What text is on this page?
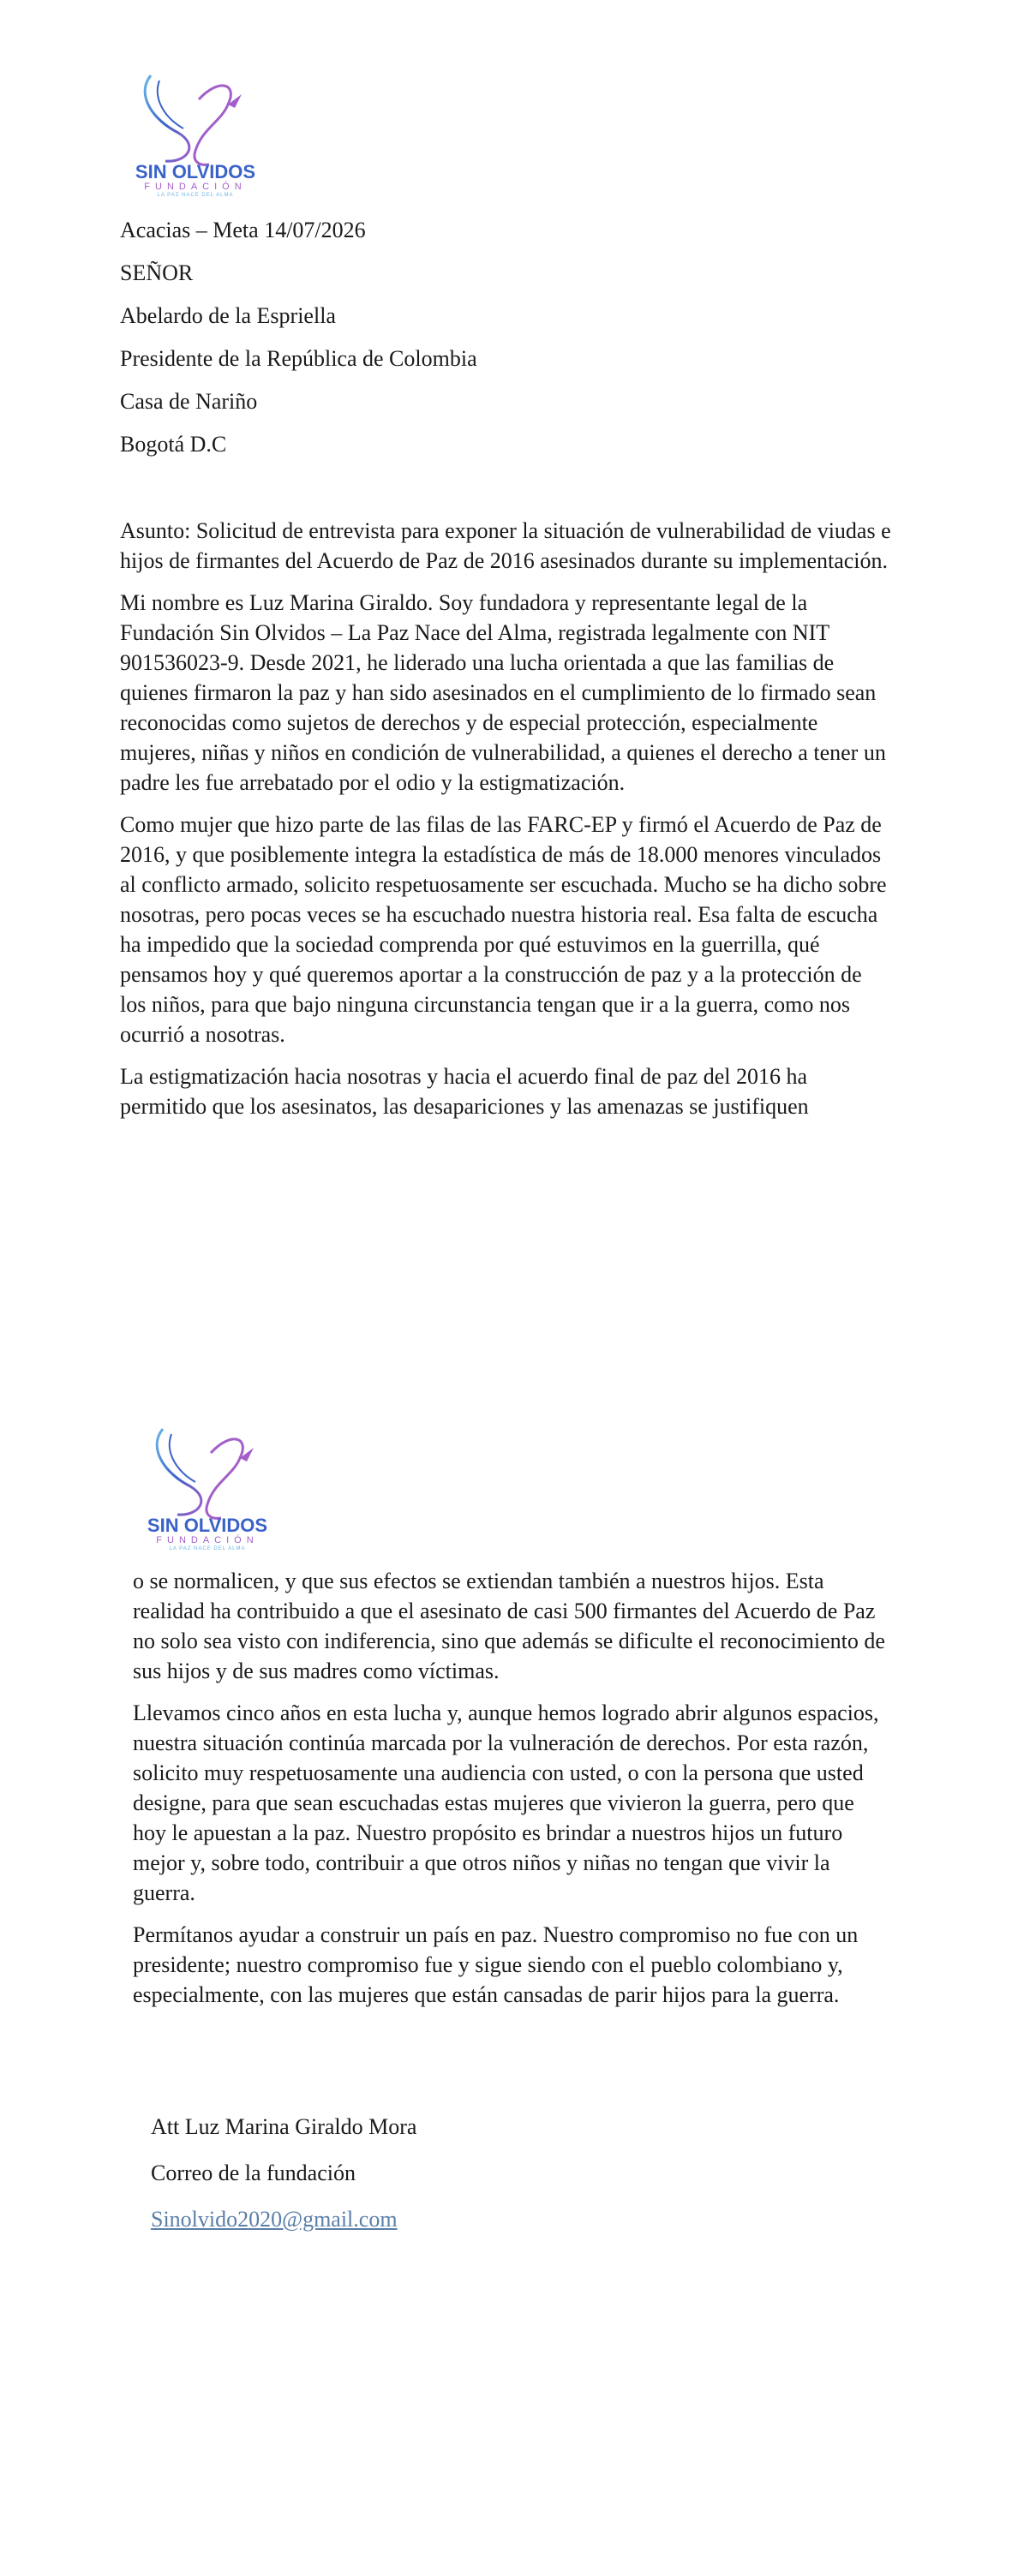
SIN OLVIDOS
FUNDACIÓN
LA PAZ NACE DEL ALMA
Acacias – Meta 14/07/2026
SEÑOR
Abelardo de la Espriella
Presidente de la República de Colombia
Casa de Nariño
Bogotá D.C

Asunto: Solicitud de entrevista para exponer la situación de vulnerabilidad de viudas e hijos de firmantes del Acuerdo de Paz de 2016 asesinados durante su implementación.

Mi nombre es Luz Marina Giraldo. Soy fundadora y representante legal de la Fundación Sin Olvidos – La Paz Nace del Alma, registrada legalmente con NIT 901536023-9. Desde 2021, he liderado una lucha orientada a que las familias de quienes firmaron la paz y han sido asesinados en el cumplimiento de lo firmado sean reconocidas como sujetos de derechos y de especial protección, especialmente mujeres, niñas y niños en condición de vulnerabilidad, a quienes el derecho a tener un padre les fue arrebatado por el odio y la estigmatización.

Como mujer que hizo parte de las filas de las FARC-EP y firmó el Acuerdo de Paz de 2016, y que posiblemente integra la estadística de más de 18.000 menores vinculados al conflicto armado, solicito respetuosamente ser escuchada. Mucho se ha dicho sobre nosotras, pero pocas veces se ha escuchado nuestra historia real. Esa falta de escucha ha impedido que la sociedad comprenda por qué estuvimos en la guerrilla, qué pensamos hoy y qué queremos aportar a la construcción de paz y a la protección de los niños, para que bajo ninguna circunstancia tengan que ir a la guerra, como nos ocurrió a nosotras.

La estigmatización hacia nosotras y hacia el acuerdo final de paz del 2016 ha permitido que los asesinatos, las desapariciones y las amenazas se justifiquen

SIN OLVIDOS
FUNDACIÓN
LA PAZ NACE DEL ALMA

o se normalicen, y que sus efectos se extiendan también a nuestros hijos. Esta realidad ha contribuido a que el asesinato de casi 500 firmantes del Acuerdo de Paz no solo sea visto con indiferencia, sino que además se dificulte el reconocimiento de sus hijos y de sus madres como víctimas.

Llevamos cinco años en esta lucha y, aunque hemos logrado abrir algunos espacios, nuestra situación continúa marcada por la vulneración de derechos. Por esta razón, solicito muy respetuosamente una audiencia con usted, o con la persona que usted designe, para que sean escuchadas estas mujeres que vivieron la guerra, pero que hoy le apuestan a la paz. Nuestro propósito es brindar a nuestros hijos un futuro mejor y, sobre todo, contribuir a que otros niños y niñas no tengan que vivir la guerra.

Permítanos ayudar a construir un país en paz. Nuestro compromiso no fue con un presidente; nuestro compromiso fue y sigue siendo con el pueblo colombiano y, especialmente, con las mujeres que están cansadas de parir hijos para la guerra.

Att Luz Marina Giraldo Mora
Correo de la fundación
Sinolvido2020@gmail.com
